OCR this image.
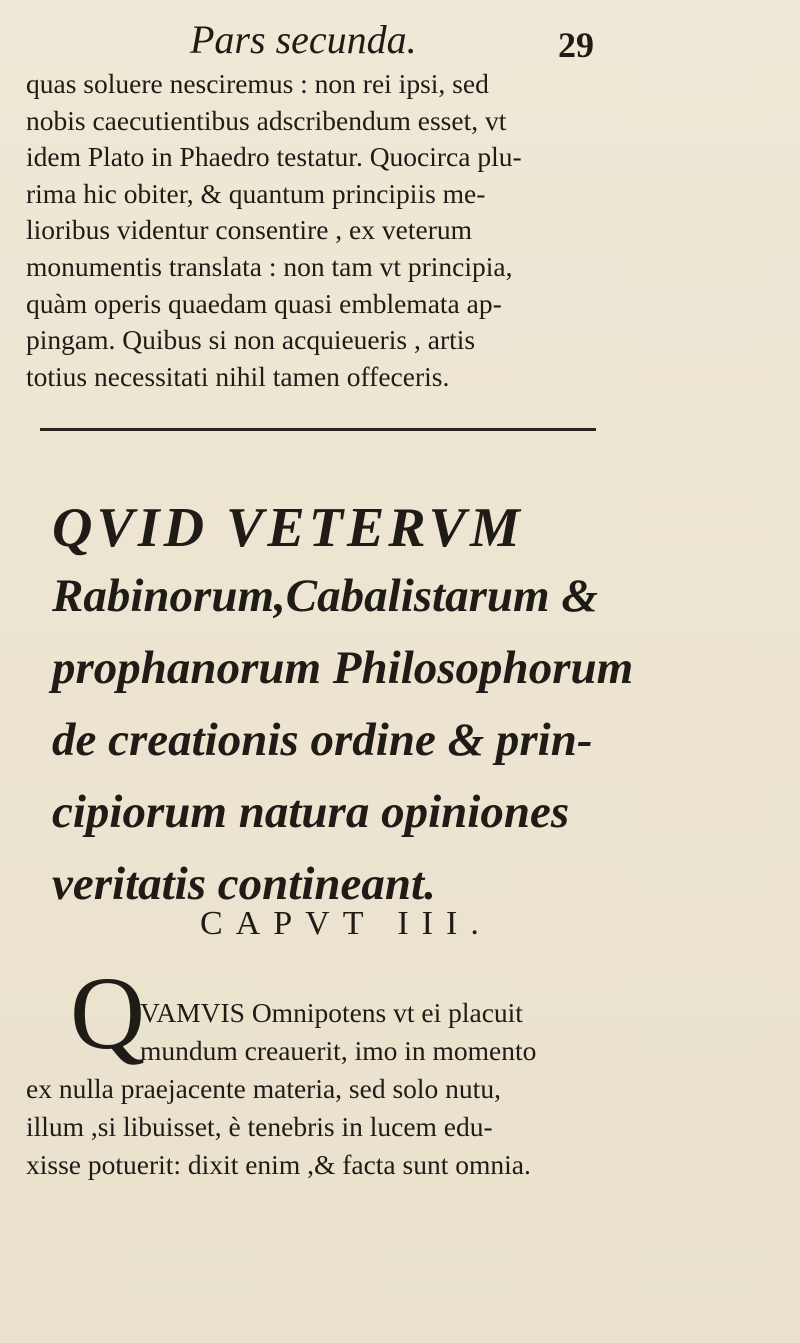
Pars secunda.	29
quas soluere nesciremus : non rei ipsi, sed
nobis caecutientibus adscribendum esset, vt
idem Plato in Phaedro testatur. Quocirca plu-
rima hic obiter, & quantum principiis me-
lioribus videntur consentire , ex veterum
monumentis translata : non tam vt principia,
quàm operis quaedam quasi emblemata ap-
pingam. Quibus si non acquieueris , artis
totius necessitati nihil tamen offeceris.
QVID VETERVM
Rabinorum,Cabalistarum &
prophanorum Philosophorum
de creationis ordine & prin-
cipiorum natura opiniones
veritatis contineant.
CAPVT III.
Q
VAMVIS Omnipotens vt ei placuit
mundum creauerit, imo in momento
ex nulla praejacente materia, sed solo nutu,
illum ,si libuisset, è tenebris in lucem edu-
xisse potuerit: dixit enim ,& facta sunt omnia.
